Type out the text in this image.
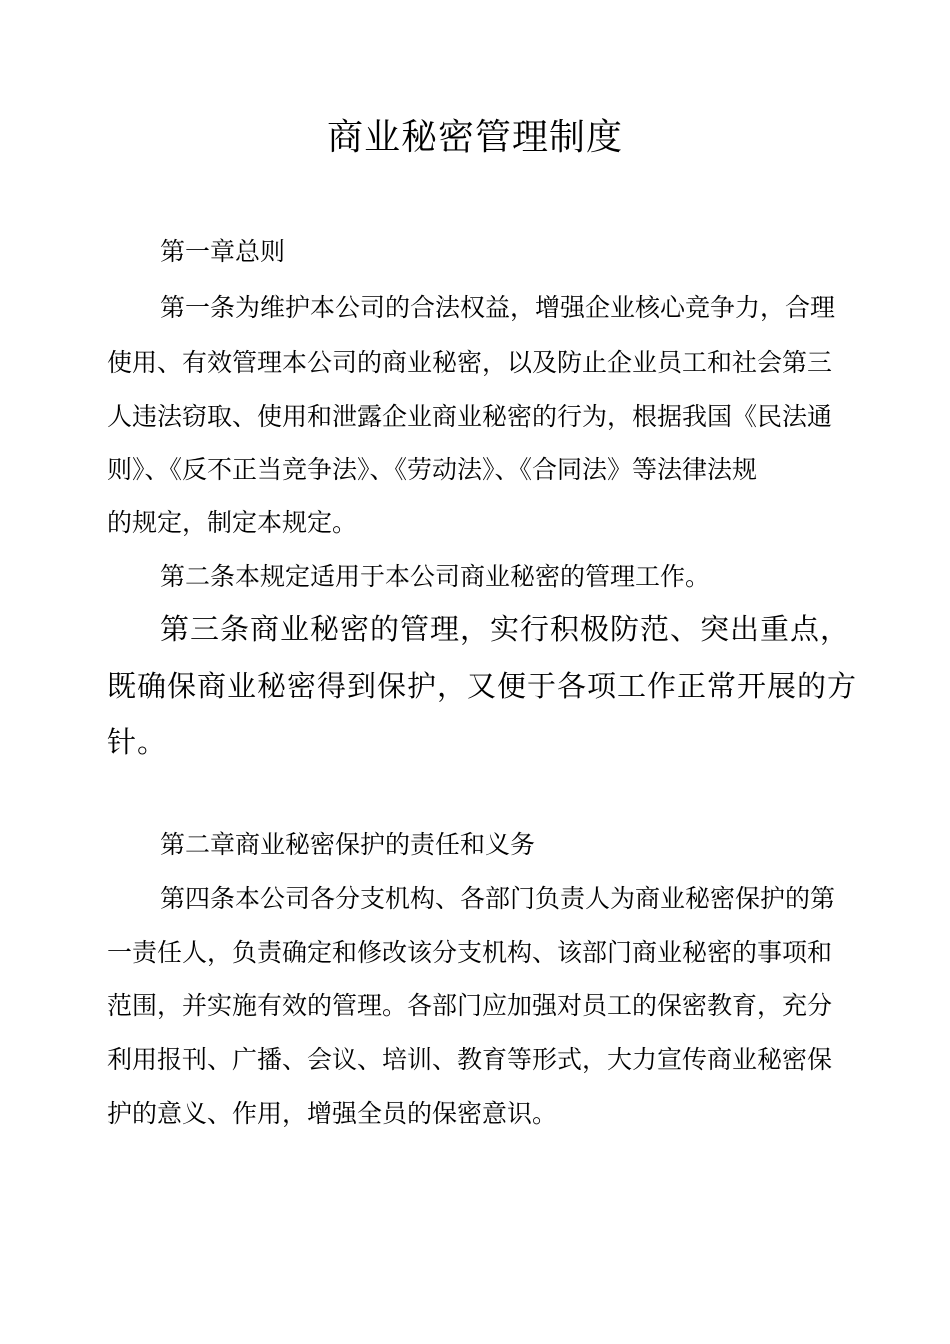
商业秘密管理制度
第一章总则
第一条为维护本公司的合法权益，增强企业核心竞争力，合理
使用、有效管理本公司的商业秘密，以及防止企业员工和社会第三
人违法窃取、使用和泄露企业商业秘密的行为，根据我国《民法通
则》、《反不正当竞争法》、《劳动法》、《合同法》等法律法规
的规定，制定本规定。
第二条本规定适用于本公司商业秘密的管理工作。
第三条商业秘密的管理，实行积极防范、突出重点，
既确保商业秘密得到保护，又便于各项工作正常开展的方
针。
第二章商业秘密保护的责任和义务
第四条本公司各分支机构、各部门负责人为商业秘密保护的第
一责任人，负责确定和修改该分支机构、该部门商业秘密的事项和
范围，并实施有效的管理。各部门应加强对员工的保密教育，充分
利用报刊、广播、会议、培训、教育等形式，大力宣传商业秘密保
护的意义、作用，增强全员的保密意识。
